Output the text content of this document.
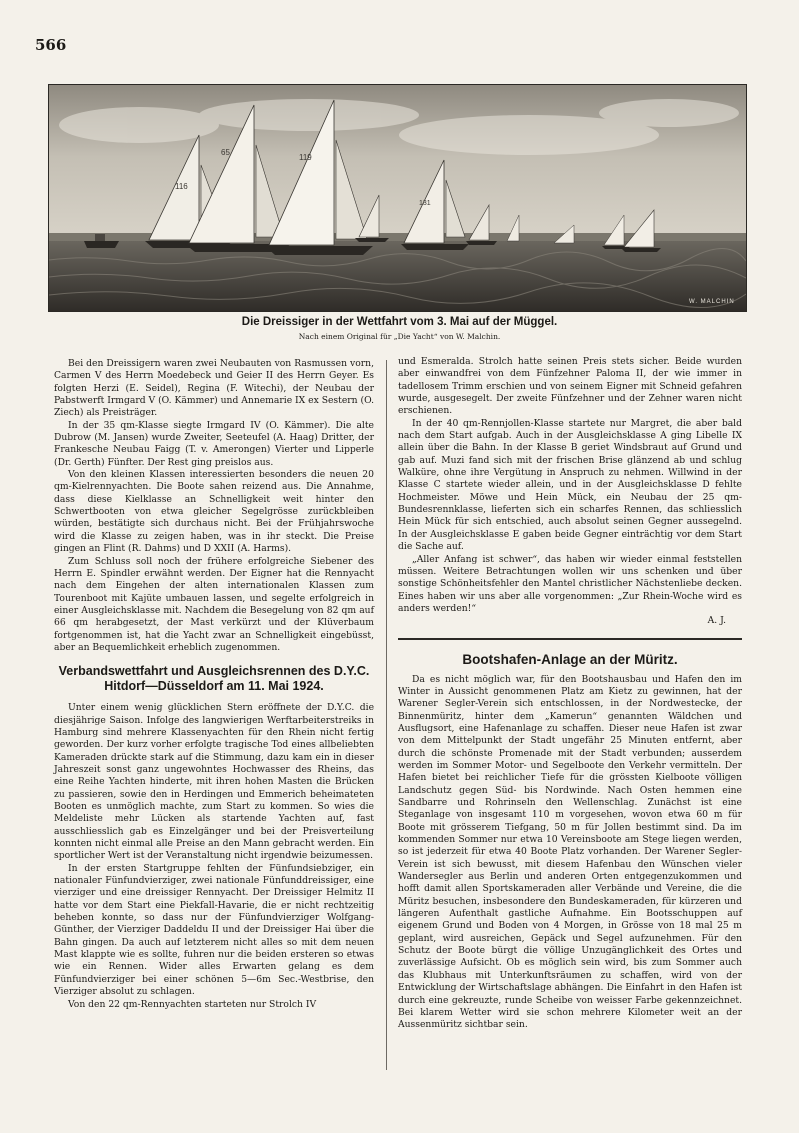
566
116
65
119
131
W. MALCHIN
Die Dreissiger in der Wettfahrt vom 3. Mai auf der Müggel.
Nach einem Original für „Die Yacht“ von W. Malchin.

Bei den Dreissigern waren zwei Neubauten von Rasmussen vorn, Carmen V des Herrn Moedebeck und Geier II des Herrn Geyer. Es folgten Herzi (E. Seidel), Regina (F. Witechi), der Neubau der Pabstwerft Irmgard V (O. Kämmer) und Annemarie IX ex Sestern (O. Ziech) als Preisträger.

In der 35 qm-Klasse siegte Irmgard IV (O. Kämmer). Die alte Dubrow (M. Jansen) wurde Zweiter, Seeteufel (A. Haag) Dritter, der Frankesche Neubau Faigg (T. v. Amerongen) Vierter und Lipperle (Dr. Gerth) Fünfter. Der Rest ging preislos aus.

Von den kleinen Klassen interessierten besonders die neuen 20 qm-Kielrennyachten. Die Boote sahen reizend aus. Die Annahme, dass diese Kielklasse an Schnelligkeit weit hinter den Schwertbooten von etwa gleicher Segelgrösse zurückbleiben würden, bestätigte sich durchaus nicht. Bei der Frühjahrswoche wird die Klasse zu zeigen haben, was in ihr steckt. Die Preise gingen an Flint (R. Dahms) und D XXII (A. Harms).

Zum Schluss soll noch der frühere erfolgreiche Siebener des Herrn E. Spindler erwähnt werden. Der Eigner hat die Rennyacht nach dem Eingehen der alten internationalen Klassen zum Tourenboot mit Kajüte umbauen lassen, und segelte erfolgreich in einer Ausgleichsklasse mit. Nachdem die Besegelung von 82 qm auf 66 qm herabgesetzt, der Mast verkürzt und der Klüverbaum fortgenommen ist, hat die Yacht zwar an Schnelligkeit eingebüsst, aber an Bequemlichkeit erheblich zugenommen.

Verbandswettfahrt und Ausgleichsrennen des D.Y.C. Hitdorf—Düsseldorf am 11. Mai 1924.

Unter einem wenig glücklichen Stern eröffnete der D.Y.C. die diesjährige Saison. Infolge des langwierigen Werftarbeiterstreiks in Hamburg sind mehrere Klassenyachten für den Rhein nicht fertig geworden. Der kurz vorher erfolgte tragische Tod eines allbeliebten Kameraden drückte stark auf die Stimmung, dazu kam ein in dieser Jahreszeit sonst ganz ungewohntes Hochwasser des Rheins, das eine Reihe Yachten hinderte, mit ihren hohen Masten die Brücken zu passieren, sowie den in Herdingen und Emmerich beheimateten Booten es unmöglich machte, zum Start zu kommen. So wies die Meldeliste mehr Lücken als startende Yachten auf, fast ausschliesslich gab es Einzelgänger und bei der Preisverteilung konnten nicht einmal alle Preise an den Mann gebracht werden. Ein sportlicher Wert ist der Veranstaltung nicht irgendwie beizumessen.

In der ersten Startgruppe fehlten der Fünfundsiebziger, ein nationaler Fünfundvierziger, zwei nationale Fünfunddreissiger, eine vierziger und eine dreissiger Rennyacht. Der Dreissiger Helmitz II hatte vor dem Start eine Piekfall-Havarie, die er nicht rechtzeitig beheben konnte, so dass nur der Fünfundvierziger Wolfgang-Günther, der Vierziger Daddeldu II und der Dreissiger Hai über die Bahn gingen. Da auch auf letzterem nicht alles so mit dem neuen Mast klappte wie es sollte, fuhren nur die beiden ersteren so etwas wie ein Rennen. Wider alles Erwarten gelang es dem Fünfundvierziger bei einer schönen 5—6m Sec.-Westbrise, den Vierziger absolut zu schlagen.

Von den 22 qm-Rennyachten starteten nur Strolch IV

und Esmeralda. Strolch hatte seinen Preis stets sicher. Beide wurden aber einwandfrei von dem Fünfzehner Paloma II, der wie immer in tadellosem Trimm erschien und von seinem Eigner mit Schneid gefahren wurde, ausgesegelt. Der zweite Fünfzehner und der Zehner waren nicht erschienen.

In der 40 qm-Rennjollen-Klasse startete nur Margret, die aber bald nach dem Start aufgab. Auch in der Ausgleichsklasse A ging Libelle IX allein über die Bahn. In der Klasse B geriet Windsbraut auf Grund und gab auf. Muzi fand sich mit der frischen Brise glänzend ab und schlug Walküre, ohne ihre Vergütung in Anspruch zu nehmen. Willwind in der Klasse C startete wieder allein, und in der Ausgleichsklasse D fehlte Hochmeister. Möwe und Hein Mück, ein Neubau der 25 qm-Bundesrennklasse, lieferten sich ein scharfes Rennen, das schliesslich Hein Mück für sich entschied, auch absolut seinen Gegner aussegelnd. In der Ausgleichsklasse E gaben beide Gegner einträchtig vor dem Start die Sache auf.

„Aller Anfang ist schwer“, das haben wir wieder einmal feststellen müssen. Weitere Betrachtungen wollen wir uns schenken und über sonstige Schönheitsfehler den Mantel christlicher Nächstenliebe decken. Eines haben wir uns aber alle vorgenommen: „Zur Rhein-Woche wird es anders werden!“

A. J.

Bootshafen-Anlage an der Müritz.

Da es nicht möglich war, für den Bootshausbau und Hafen den im Winter in Aussicht genommenen Platz am Kietz zu gewinnen, hat der Warener Segler-Verein sich entschlossen, in der Nordwestecke, der Binnenmüritz, hinter dem „Kamerun“ genannten Wäldchen und Ausflugsort, eine Hafenanlage zu schaffen. Dieser neue Hafen ist zwar von dem Mittelpunkt der Stadt ungefähr 25 Minuten entfernt, aber durch die schönste Promenade mit der Stadt verbunden; ausserdem werden im Sommer Motor- und Segelboote den Verkehr vermitteln. Der Hafen bietet bei reichlicher Tiefe für die grössten Kielboote völligen Landschutz gegen Süd- bis Nordwinde. Nach Osten hemmen eine Sandbarre und Rohrinseln den Wellenschlag. Zunächst ist eine Steganlage von insgesamt 110 m vorgesehen, wovon etwa 60 m für Boote mit grösserem Tiefgang, 50 m für Jollen bestimmt sind. Da im kommenden Sommer nur etwa 10 Vereinsboote am Stege liegen werden, so ist jederzeit für etwa 40 Boote Platz vorhanden. Der Warener Segler-Verein ist sich bewusst, mit diesem Hafenbau den Wünschen vieler Wandersegler aus Berlin und anderen Orten entgegenzukommen und hofft damit allen Sportskameraden aller Verbände und Vereine, die die Müritz besuchen, insbesondere den Bundeskameraden, für kürzeren und längeren Aufenthalt gastliche Aufnahme. Ein Bootsschuppen auf eigenem Grund und Boden von 4 Morgen, in Grösse von 18 mal 25 m geplant, wird ausreichen, Gepäck und Segel aufzunehmen. Für den Schutz der Boote bürgt die völlige Unzugänglichkeit des Ortes und zuverlässige Aufsicht. Ob es möglich sein wird, bis zum Sommer auch das Klubhaus mit Unterkunftsräumen zu schaffen, wird von der Entwicklung der Wirtschaftslage abhängen. Die Einfahrt in den Hafen ist durch eine gekreuzte, runde Scheibe von weisser Farbe gekennzeichnet. Bei klarem Wetter wird sie schon mehrere Kilometer weit an der Aussenmüritz sichtbar sein.
